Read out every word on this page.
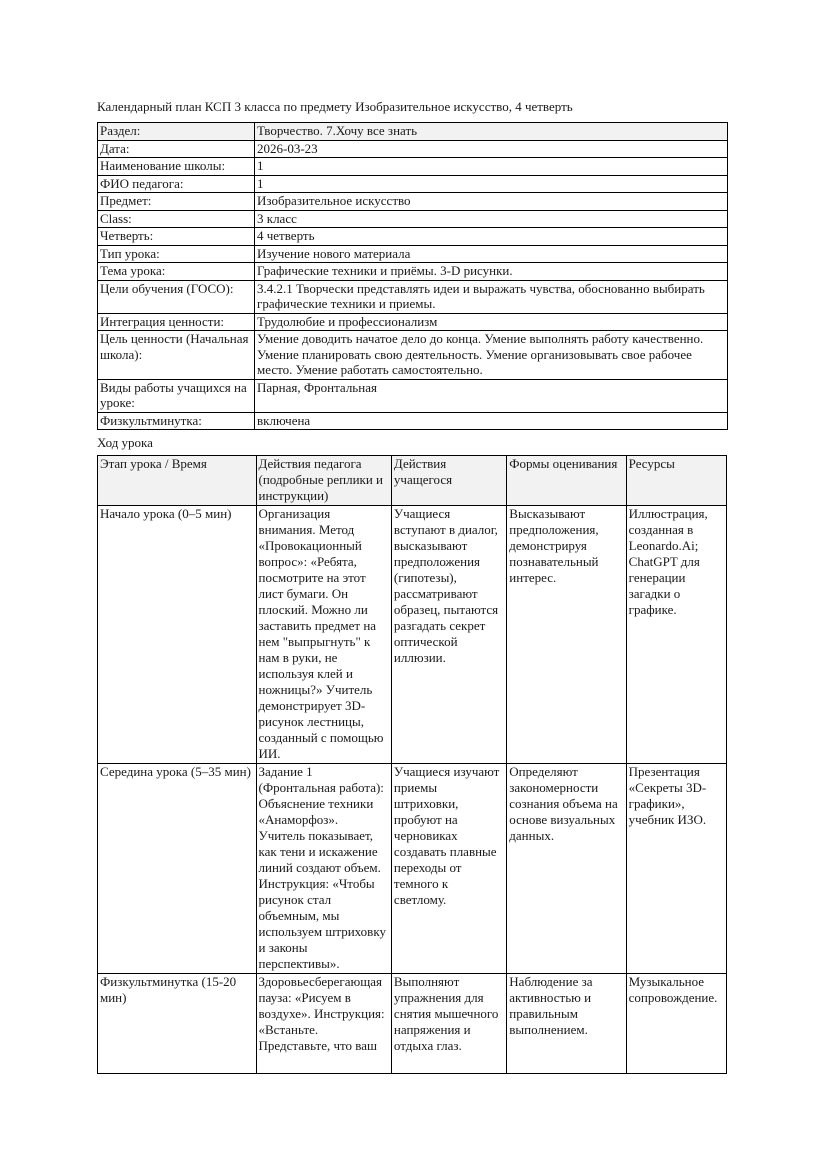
Календарный план КСП 3 класса по предмету Изобразительное искусство, 4 четверть

Раздел:	Творчество. 7.Хочу все знать
Дата:	2026-03-23
Наименование школы:	1
ФИО педагога:	1
Предмет:	Изобразительное искусство
Class:	3 класс
Четверть:	4 четверть
Тип урока:	Изучение нового материала
Тема урока:	Графические техники и приёмы. 3-D рисунки.
Цели обучения (ГОСО):	3.4.2.1 Творчески представлять идеи и выражать чувства, обоснованно выбирать графические техники и приемы.
Интеграция ценности:	Трудолюбие и профессионализм
Цель ценности (Начальная школа):	Умение доводить начатое дело до конца. Умение выполнять работу качественно. Умение планировать свою деятельность. Умение организовывать свое рабочее место. Умение работать самостоятельно.
Виды работы учащихся на уроке:	Парная, Фронтальная
Физкультминутка:	включена

Ход урока

Этап урока / Время	Действия педагога (подробные реплики и инструкции)	Действия учащегося	Формы оценивания	Ресурсы
Начало урока (0–5 мин)	Организация внимания. Метод «Провокационный вопрос»: «Ребята, посмотрите на этот лист бумаги. Он плоский. Можно ли заставить предмет на нем "выпрыгнуть" к нам в руки, не используя клей и ножницы?» Учитель демонстрирует 3D-рисунок лестницы, созданный с помощью ИИ.	Учащиеся вступают в диалог, высказывают предположения (гипотезы), рассматривают образец, пытаются разгадать секрет оптической иллюзии.	Высказывают предположения, демонстрируя познавательный интерес.	Иллюстрация, созданная в Leonardo.Ai; ChatGPT для генерации загадки о графике.
Середина урока (5–35 мин)	Задание 1 (Фронтальная работа): Объяснение техники «Анаморфоз». Учитель показывает, как тени и искажение линий создают объем. Инструкция: «Чтобы рисунок стал объемным, мы используем штриховку и законы перспективы».	Учащиеся изучают приемы штриховки, пробуют на черновиках создавать плавные переходы от темного к светлому.	Определяют закономерности сознания объема на основе визуальных данных.	Презентация «Секреты 3D-графики», учебник ИЗО.

Физкультминутка (15-20 мин)	Здоровьесберегающая пауза: «Рисуем в воздухе». Инструкция: «Встаньте. Представьте, что ваш	Выполняют упражнения для снятия мышечного напряжения и отдыха глаз.	Наблюдение за активностью и правильным выполнением.	Музыкальное сопровождение.
